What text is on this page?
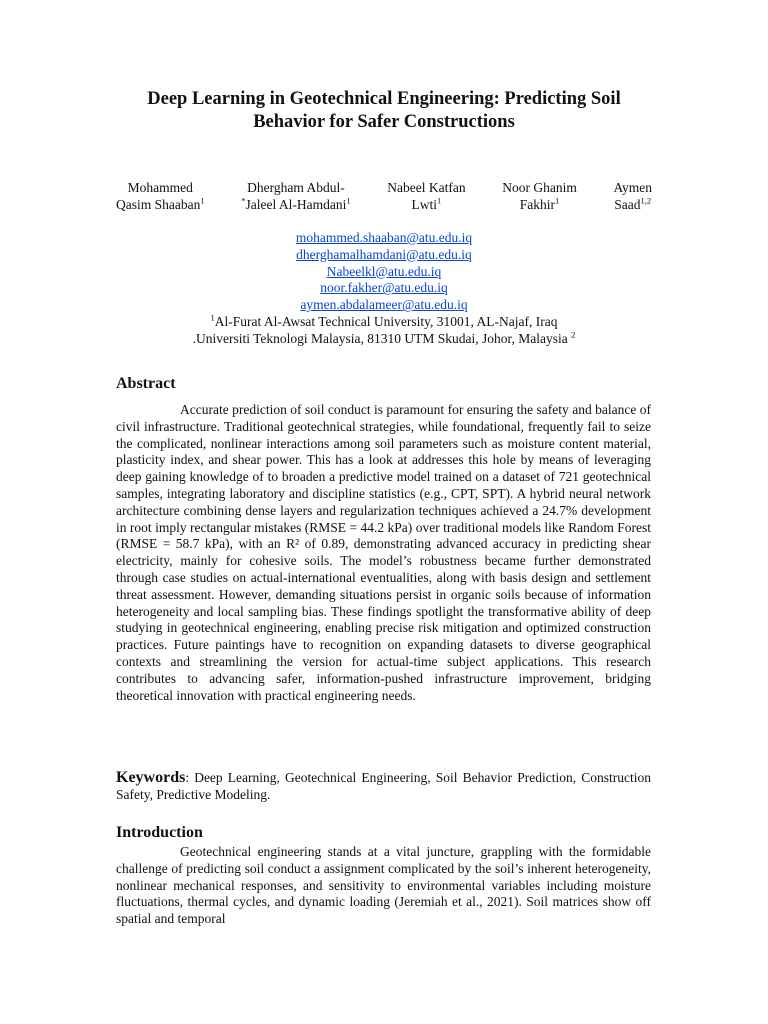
Deep Learning in Geotechnical Engineering: Predicting Soil
Behavior for Safer Constructions
Mohammed
Qasim Shaaban$^1$
Dhergham Abdul-
*Jaleel Al-Hamdani$^1$
Nabeel Katfan
Lwti$^1$
Noor Ghanim
Fakhir$^1$
Aymen
Saad$^{1,2}$
mohammed.shaaban@atu.edu.iq
dherghamalhamdani@atu.edu.iq
Nabeelkl@atu.edu.iq
noor.fakher@atu.edu.iq
aymen.abdalameer@atu.edu.iq
$^1$Al-Furat Al-Awsat Technical University, 31001, AL-Najaf, Iraq
.Universiti Teknologi Malaysia, 81310 UTM Skudai, Johor, Malaysia $^2$
Abstract

Accurate prediction of soil conduct is paramount for ensuring the safety and balance of civil infrastructure. Traditional geotechnical strategies, while foundational, frequently fail to seize the complicated, nonlinear interactions among soil parameters such as moisture content material, plasticity index, and shear power. This has a look at addresses this hole by means of leveraging deep gaining knowledge of to broaden a predictive model trained on a dataset of 721 geotechnical samples, integrating laboratory and discipline statistics (e.g., CPT, SPT). A hybrid neural network architecture combining dense layers and regularization techniques achieved a 24.7% development in root imply rectangular mistakes (RMSE = 44.2 kPa) over traditional models like Random Forest (RMSE = 58.7 kPa), with an R² of 0.89, demonstrating advanced accuracy in predicting shear electricity, mainly for cohesive soils. The model’s robustness became further demonstrated through case studies on actual-international eventualities, along with basis design and settlement threat assessment. However, demanding situations persist in organic soils because of information heterogeneity and local sampling bias. These findings spotlight the transformative ability of deep studying in geotechnical engineering, enabling precise risk mitigation and optimized construction practices. Future paintings have to recognition on expanding datasets to diverse geographical contexts and streamlining the version for actual-time subject applications. This research contributes to advancing safer, information-pushed infrastructure improvement, bridging theoretical innovation with practical engineering needs.

Keywords: Deep Learning, Geotechnical Engineering, Soil Behavior Prediction, Construction Safety, Predictive Modeling.

Introduction

Geotechnical engineering stands at a vital juncture, grappling with the formidable challenge of predicting soil conduct a assignment complicated by the soil’s inherent heterogeneity, nonlinear mechanical responses, and sensitivity to environmental variables including moisture fluctuations, thermal cycles, and dynamic loading (Jeremiah et al., 2021). Soil matrices show off spatial and temporal
